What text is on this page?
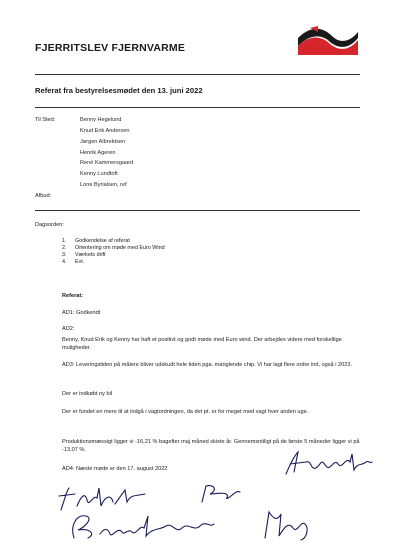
FJERRITSLEV FJERNVARME
Referat fra bestyrelsesmødet den 13. juni 2022
Til Sted:	Benny Hegelund
Knud Erik Andersen
Jørgen Albrektsen
Henrik Ageren
René Kammersgaard
Kenny Lundtoft
Lone Byrialsen, ref
Afbud:
Dagsorden:
1.	Godkendelse af referat
2.	Orientering om møde med Euro Wind
3.	Værkets drift
4.	Evt.
Referat:
AD1: Godkendt
AD2:
Benny, Knud Erik og Kenny har haft et positivt og godt møde med Euro wind. Der arbejdes videre med forskellige muligheder.
AD3: Leveringstiden på målere bliver udskudt hele tiden pga. manglende chip. Vi har lagt flere ordre ind, også i 2023.
Der er indkøbt ny bil
Der er fundet en mere til at indgå i vagtordningen, da det pt. er for meget med vagt hver anden uge.
Produktionsmæssigt ligger vi -16,21 % bagefter maj måned skiste år. Gennemsnitligt på de første 5 måneder ligger vi på -13,07 %.
AD4: Næste møde er den 17. august 2022
